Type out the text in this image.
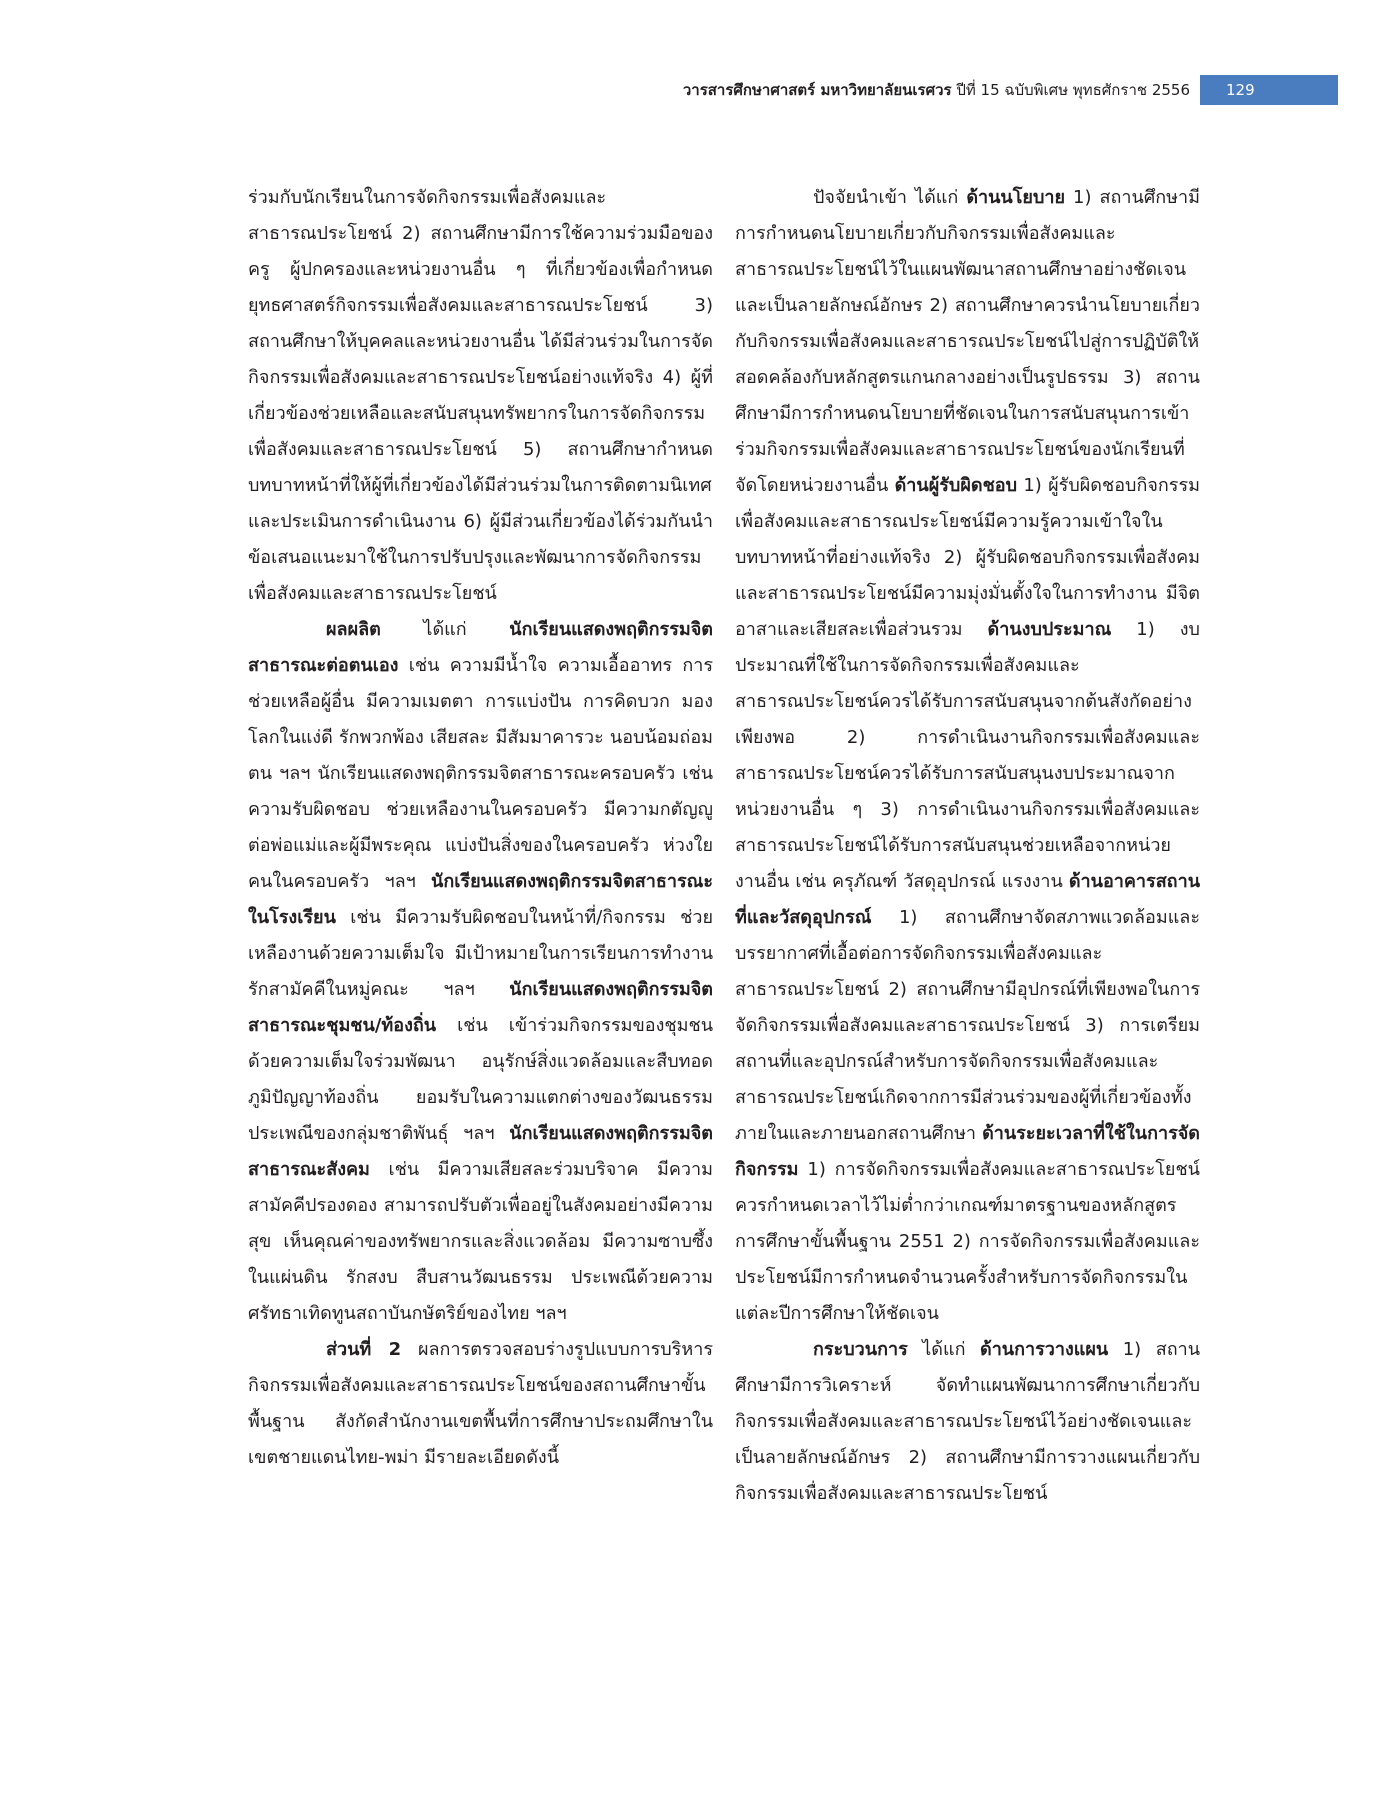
วารสารศึกษาศาสตร์ มหาวิทยาลัยนเรศวร ปีที่ 15 ฉบับพิเศษ พุทธศักราช 2556	129

ร่วมกับนักเรียนในการจัดกิจกรรมเพื่อสังคมและสาธารณประโยชน์ 2) สถานศึกษามีการใช้ความร่วมมือของครู ผู้ปกครองและหน่วยงานอื่น ๆ ที่เกี่ยวข้องเพื่อกำหนดยุทธศาสตร์กิจกรรมเพื่อสังคมและสาธารณประโยชน์ 3) สถานศึกษาให้บุคคลและหน่วยงานอื่น ได้มีส่วนร่วมในการจัดกิจกรรมเพื่อสังคมและสาธารณประโยชน์อย่างแท้จริง 4) ผู้ที่เกี่ยวข้องช่วยเหลือและสนับสนุนทรัพยากรในการจัดกิจกรรมเพื่อสังคมและสาธารณประโยชน์ 5) สถานศึกษากำหนดบทบาทหน้าที่ให้ผู้ที่เกี่ยวข้องได้มีส่วนร่วมในการติดตามนิเทศ และประเมินการดำเนินงาน 6) ผู้มีส่วนเกี่ยวข้องได้ร่วมกันนำข้อเสนอแนะมาใช้ในการปรับปรุงและพัฒนาการจัดกิจกรรมเพื่อสังคมและสาธารณประโยชน์

ผลผลิต ได้แก่ นักเรียนแสดงพฤติกรรมจิตสาธารณะต่อตนเอง เช่น ความมีน้ำใจ ความเอื้ออาทร การช่วยเหลือผู้อื่น มีความเมตตา การแบ่งปัน การคิดบวก มองโลกในแง่ดี รักพวกพ้อง เสียสละ มีสัมมาคารวะ นอบน้อมถ่อมตน ฯลฯ นักเรียนแสดงพฤติกรรมจิตสาธารณะครอบครัว เช่น ความรับผิดชอบ ช่วยเหลืองานในครอบครัว มีความกตัญญูต่อพ่อแม่และผู้มีพระคุณ แบ่งปันสิ่งของในครอบครัว ห่วงใยคนในครอบครัว ฯลฯ นักเรียนแสดงพฤติกรรมจิตสาธารณะในโรงเรียน เช่น มีความรับผิดชอบในหน้าที่/กิจกรรม ช่วยเหลืองานด้วยความเต็มใจ มีเป้าหมายในการเรียนการทำงานรักสามัคคีในหมู่คณะ ฯลฯ นักเรียนแสดงพฤติกรรมจิตสาธารณะชุมชน/ท้องถิ่น เช่น เข้าร่วมกิจกรรมของชุมชนด้วยความเต็มใจร่วมพัฒนา อนุรักษ์สิ่งแวดล้อมและสืบทอดภูมิปัญญาท้องถิ่น ยอมรับในความแตกต่างของวัฒนธรรมประเพณีของกลุ่มชาติพันธุ์ ฯลฯ นักเรียนแสดงพฤติกรรมจิตสาธารณะสังคม เช่น มีความเสียสละร่วมบริจาค มีความสามัคคีปรองดอง สามารถปรับตัวเพื่ออยู่ในสังคมอย่างมีความสุข เห็นคุณค่าของทรัพยากรและสิ่งแวดล้อม มีความซาบซึ้งในแผ่นดิน รักสงบ สืบสานวัฒนธรรม ประเพณีด้วยความศรัทธาเทิดทูนสถาบันกษัตริย์ของไทย ฯลฯ

ส่วนที่ 2 ผลการตรวจสอบร่างรูปแบบการบริหารกิจกรรมเพื่อสังคมและสาธารณประโยชน์ของสถานศึกษาขั้นพื้นฐาน สังกัดสำนักงานเขตพื้นที่การศึกษาประถมศึกษาในเขตชายแดนไทย-พม่า มีรายละเอียดดังนี้

ปัจจัยนำเข้า ได้แก่ ด้านนโยบาย 1) สถานศึกษามีการกำหนดนโยบายเกี่ยวกับกิจกรรมเพื่อสังคมและสาธารณประโยชน์ไว้ในแผนพัฒนาสถานศึกษาอย่างชัดเจนและเป็นลายลักษณ์อักษร 2) สถานศึกษาควรนำนโยบายเกี่ยวกับกิจกรรมเพื่อสังคมและสาธารณประโยชน์ไปสู่การปฏิบัติให้สอดคล้องกับหลักสูตรแกนกลางอย่างเป็นรูปธรรม 3) สถานศึกษามีการกำหนดนโยบายที่ชัดเจนในการสนับสนุนการเข้าร่วมกิจกรรมเพื่อสังคมและสาธารณประโยชน์ของนักเรียนที่จัดโดยหน่วยงานอื่น ด้านผู้รับผิดชอบ 1) ผู้รับผิดชอบกิจกรรมเพื่อสังคมและสาธารณประโยชน์มีความรู้ความเข้าใจในบทบาทหน้าที่อย่างแท้จริง 2) ผู้รับผิดชอบกิจกรรมเพื่อสังคมและสาธารณประโยชน์มีความมุ่งมั่นตั้งใจในการทำงาน มีจิตอาสาและเสียสละเพื่อส่วนรวม ด้านงบประมาณ 1) งบประมาณที่ใช้ในการจัดกิจกรรมเพื่อสังคมและสาธารณประโยชน์ควรได้รับการสนับสนุนจากต้นสังกัดอย่างเพียงพอ 2) การดำเนินงานกิจกรรมเพื่อสังคมและสาธารณประโยชน์ควรได้รับการสนับสนุนงบประมาณจากหน่วยงานอื่น ๆ 3) การดำเนินงานกิจกรรมเพื่อสังคมและสาธารณประโยชน์ได้รับการสนับสนุนช่วยเหลือจากหน่วยงานอื่น เช่น ครุภัณฑ์ วัสดุอุปกรณ์ แรงงาน ด้านอาคารสถานที่และวัสดุอุปกรณ์ 1) สถานศึกษาจัดสภาพแวดล้อมและบรรยากาศที่เอื้อต่อการจัดกิจกรรมเพื่อสังคมและสาธารณประโยชน์ 2) สถานศึกษามีอุปกรณ์ที่เพียงพอในการจัดกิจกรรมเพื่อสังคมและสาธารณประโยชน์ 3) การเตรียมสถานที่และอุปกรณ์สำหรับการจัดกิจกรรมเพื่อสังคมและสาธารณประโยชน์เกิดจากการมีส่วนร่วมของผู้ที่เกี่ยวข้องทั้งภายในและภายนอกสถานศึกษา ด้านระยะเวลาที่ใช้ในการจัดกิจกรรม 1) การจัดกิจกรรมเพื่อสังคมและสาธารณประโยชน์ควรกำหนดเวลาไว้ไม่ต่ำกว่าเกณฑ์มาตรฐานของหลักสูตรการศึกษาขั้นพื้นฐาน 2551 2) การจัดกิจกรรมเพื่อสังคมและประโยชน์มีการกำหนดจำนวนครั้งสำหรับการจัดกิจกรรมในแต่ละปีการศึกษาให้ชัดเจน

กระบวนการ ได้แก่ ด้านการวางแผน 1) สถานศึกษามีการวิเคราะห์ จัดทำแผนพัฒนาการศึกษาเกี่ยวกับกิจกรรมเพื่อสังคมและสาธารณประโยชน์ไว้อย่างชัดเจนและเป็นลายลักษณ์อักษร 2) สถานศึกษามีการวางแผนเกี่ยวกับกิจกรรมเพื่อสังคมและสาธารณประโยชน์
